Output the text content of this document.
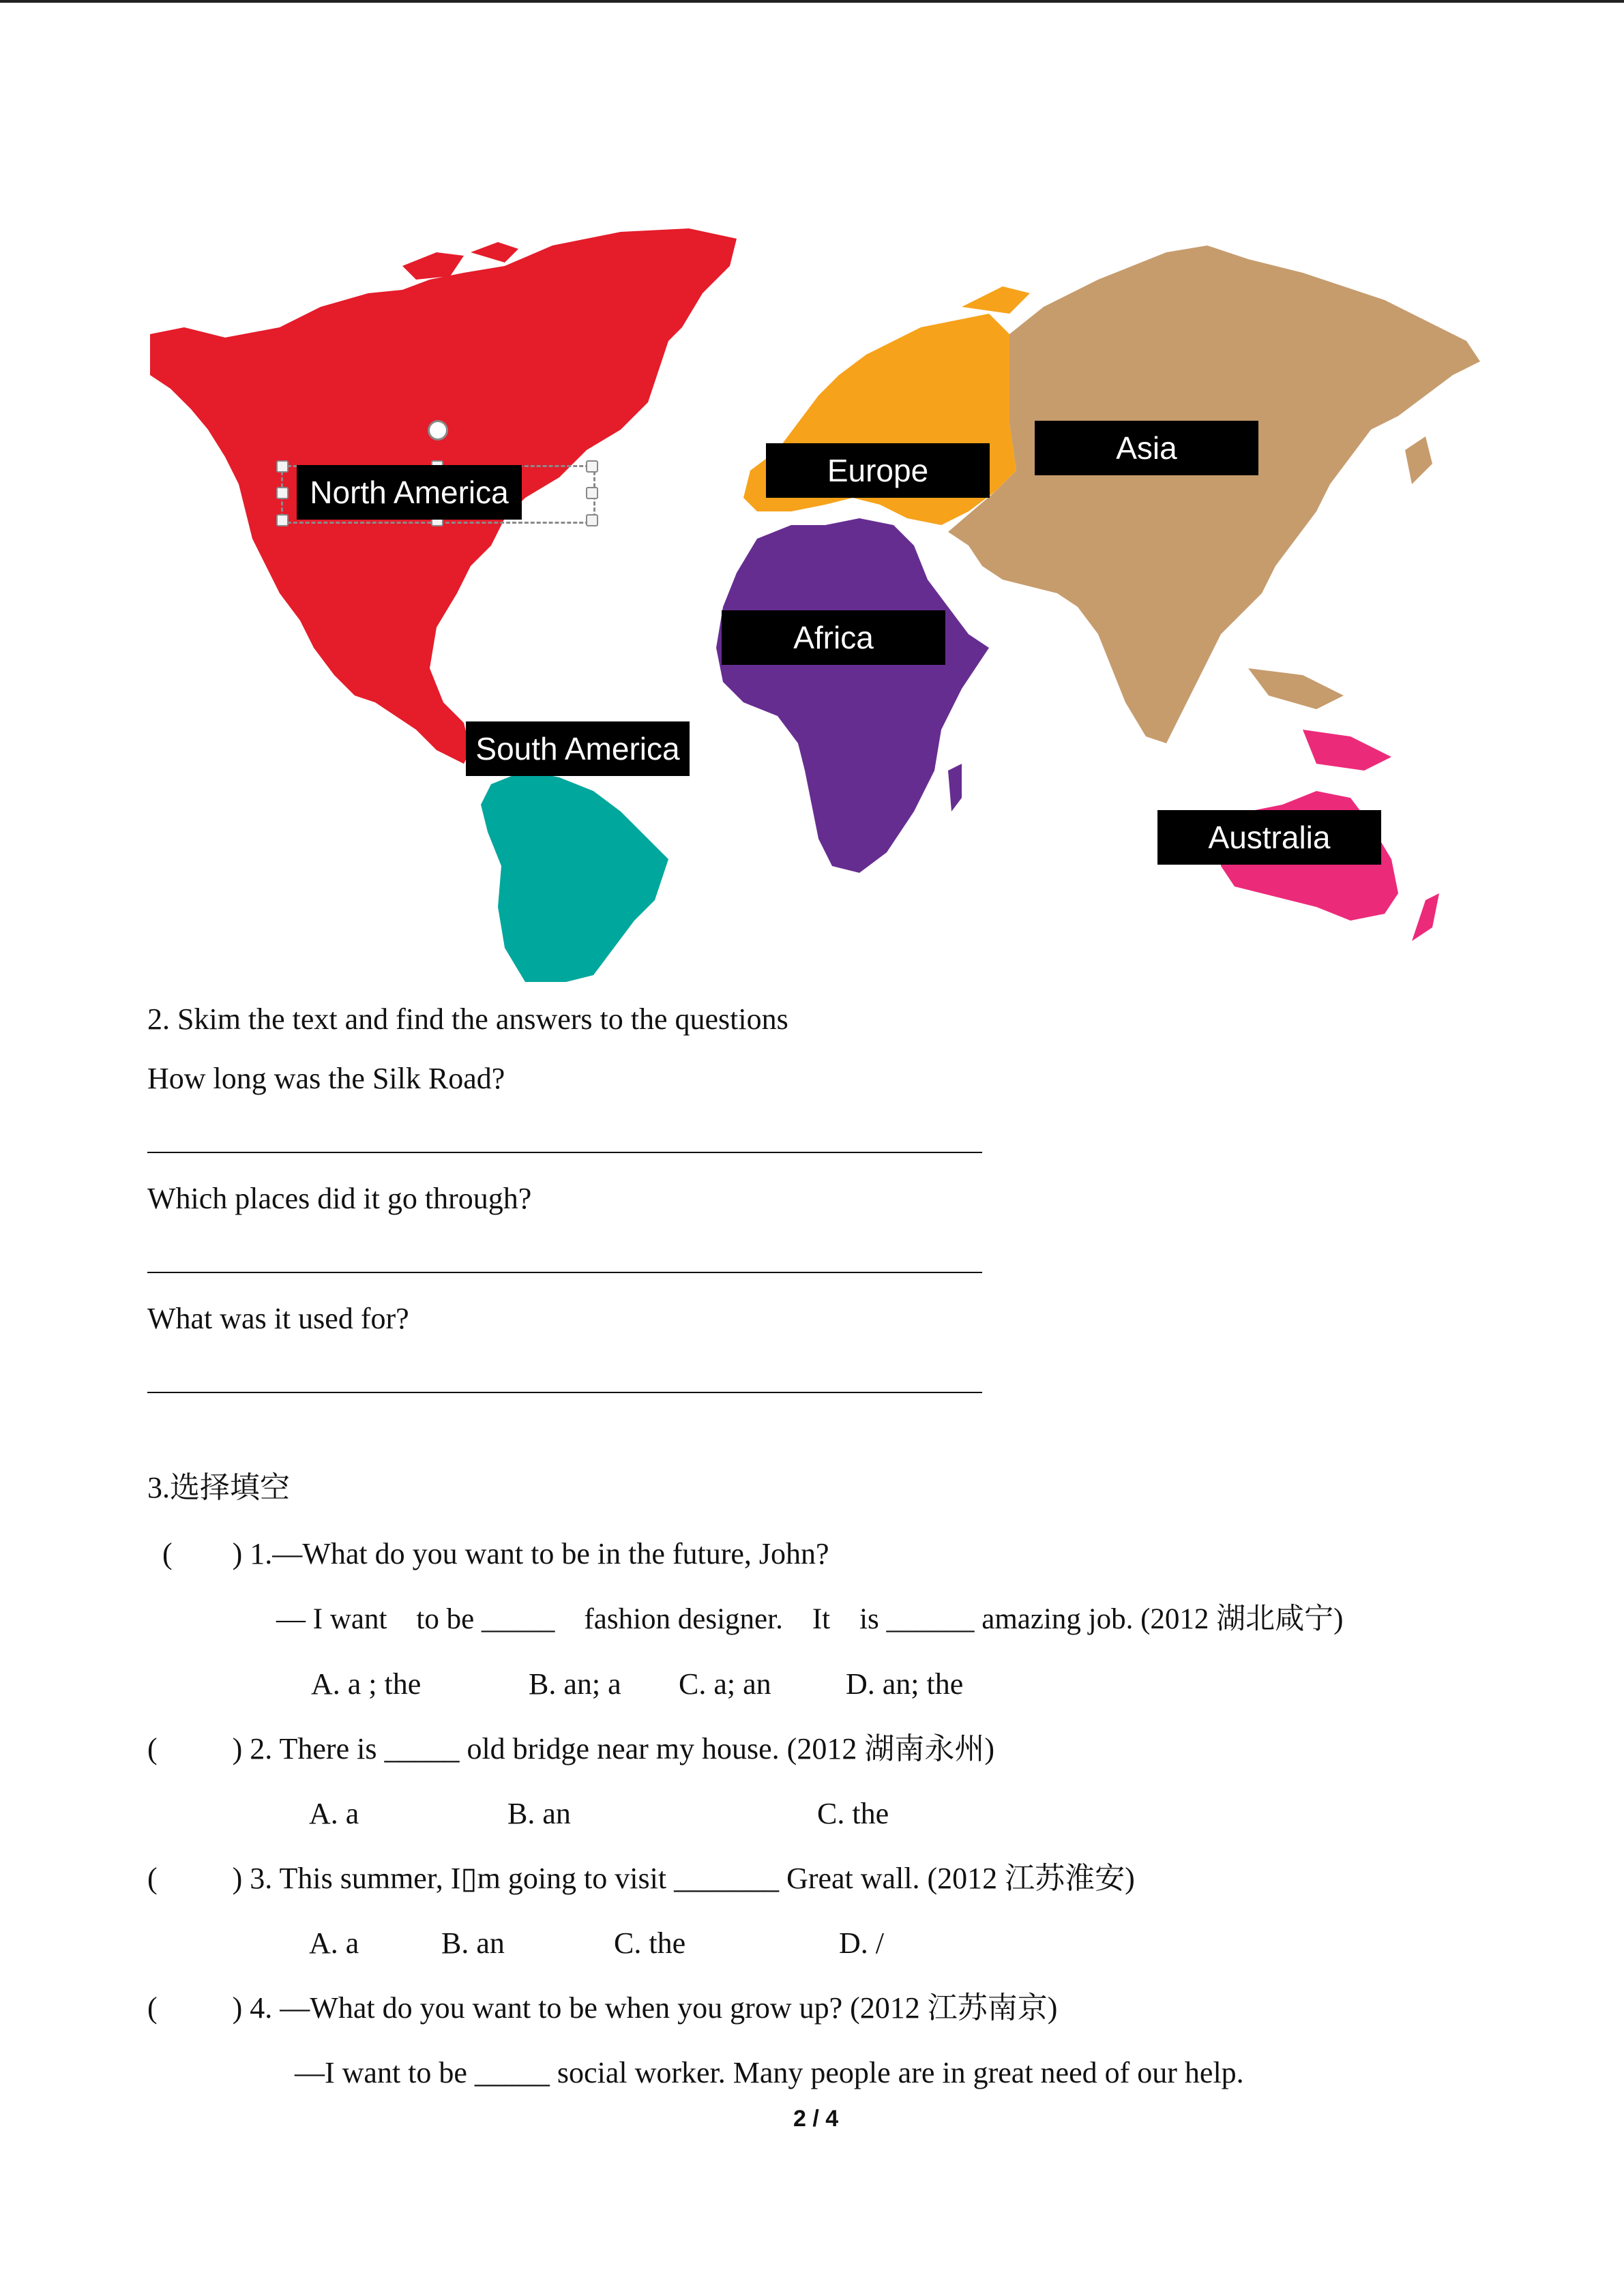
North America
Europe
Asia
Africa
South America
Australia
2. Skim the text and find the answers to the questions
How long was the Silk Road?
Which places did it go through?
What was it used for?
3.选择填空
(        ) 1.—What do you want to be in the future, John?
— I want    to be _____    fashion designer.    It    is ______ amazing job. (2012 湖北咸宁)
A. a ; the	B. an; a C. a; an D. an; the
(          ) 2. There is _____ old bridge near my house. (2012 湖南永州)
A. a	B. an	C. the
(          ) 3. This summer, I▯m going to visit _______ Great wall. (2012 江苏淮安)
A. a	B. an	C. the	D. /
(          ) 4. —What do you want to be when you grow up? (2012 江苏南京)
—I want to be _____ social worker. Many people are in great need of our help.
2 / 4
